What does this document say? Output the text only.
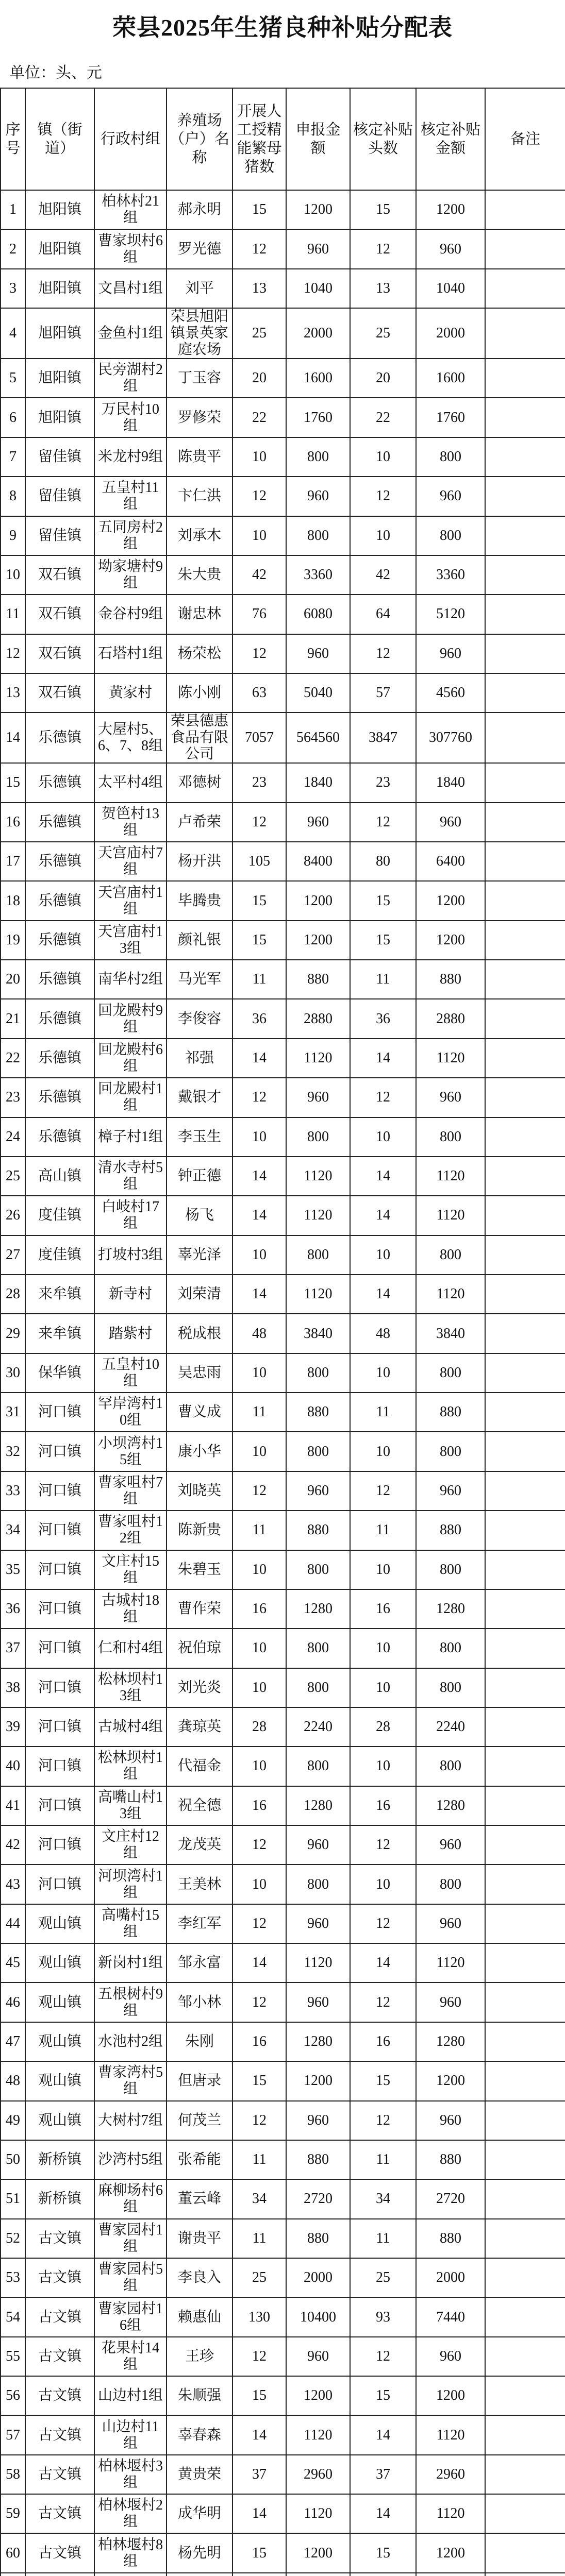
荣县2025年生猪良种补贴分配表
单位：头、元
序号	镇（街道）	行政村组	养殖场（户）名称	开展人工授精能繁母猪数	申报金额	核定补贴头数	核定补贴金额	备注
1	旭阳镇	柏林村21组	郝永明	15	1200	15	1200	
2	旭阳镇	曹家坝村6组	罗光德	12	960	12	960	
3	旭阳镇	文昌村1组	刘平	13	1040	13	1040	
4	旭阳镇	金鱼村1组	荣县旭阳镇景英家庭农场	25	2000	25	2000	
5	旭阳镇	民旁湖村2组	丁玉容	20	1600	20	1600	
6	旭阳镇	万民村10组	罗修荣	22	1760	22	1760	
7	留佳镇	米龙村9组	陈贵平	10	800	10	800	
8	留佳镇	五皇村11组	卞仁洪	12	960	12	960	
9	留佳镇	五同房村2组	刘承木	10	800	10	800	
10	双石镇	坳家塘村9组	朱大贵	42	3360	42	3360	
11	双石镇	金谷村9组	谢忠林	76	6080	64	5120	
12	双石镇	石塔村1组	杨荣松	12	960	12	960	
13	双石镇	黄家村	陈小刚	63	5040	57	4560	
14	乐德镇	大屋村5、6、7、8组	荣县德惠食品有限公司	7057	564560	3847	307760	
15	乐德镇	太平村4组	邓德树	23	1840	23	1840	
16	乐德镇	贺笆村13组	卢希荣	12	960	12	960	
17	乐德镇	天宫庙村7组	杨开洪	105	8400	80	6400	
18	乐德镇	天宫庙村1组	毕腾贵	15	1200	15	1200	
19	乐德镇	天宫庙村13组	颜礼银	15	1200	15	1200	
20	乐德镇	南华村2组	马光军	11	880	11	880	
21	乐德镇	回龙殿村9组	李俊容	36	2880	36	2880	
22	乐德镇	回龙殿村6组	祁强	14	1120	14	1120	
23	乐德镇	回龙殿村1组	戴银才	12	960	12	960	
24	乐德镇	樟子村1组	李玉生	10	800	10	800	
25	高山镇	清水寺村5组	钟正德	14	1120	14	1120	
26	度佳镇	白岐村17组	杨飞	14	1120	14	1120	
27	度佳镇	打坡村3组	辜光泽	10	800	10	800	
28	来牟镇	新寺村	刘荣清	14	1120	14	1120	
29	来牟镇	踏紫村	税成根	48	3840	48	3840	
30	保华镇	五皇村10组	吴忠雨	10	800	10	800	
31	河口镇	罕岸湾村10组	曹义成	11	880	11	880	
32	河口镇	小坝湾村15组	康小华	10	800	10	800	
33	河口镇	曹家咀村7组	刘晓英	12	960	12	960	
34	河口镇	曹家咀村12组	陈新贵	11	880	11	880	
35	河口镇	文庄村15组	朱碧玉	10	800	10	800	
36	河口镇	古城村18组	曹作荣	16	1280	16	1280	
37	河口镇	仁和村4组	祝伯琼	10	800	10	800	
38	河口镇	松林坝村13组	刘光炎	10	800	10	800	
39	河口镇	古城村4组	龚琼英	28	2240	28	2240	
40	河口镇	松林坝村1组	代福金	10	800	10	800	
41	河口镇	高嘴山村13组	祝全德	16	1280	16	1280	
42	河口镇	文庄村12组	龙茂英	12	960	12	960	
43	河口镇	河坝湾村1组	王美林	10	800	10	800	
44	观山镇	高嘴村15组	李红军	12	960	12	960	
45	观山镇	新岗村1组	邹永富	14	1120	14	1120	
46	观山镇	五根树村9组	邹小林	12	960	12	960	
47	观山镇	水池村2组	朱刚	16	1280	16	1280	
48	观山镇	曹家湾村5组	但唐录	15	1200	15	1200	
49	观山镇	大树村7组	何茂兰	12	960	12	960	
50	新桥镇	沙湾村5组	张希能	11	880	11	880	
51	新桥镇	麻柳场村6组	董云峰	34	2720	34	2720	
52	古文镇	曹家园村1组	谢贵平	11	880	11	880	
53	古文镇	曹家园村5组	李良入	25	2000	25	2000	
54	古文镇	曹家园村16组	赖惠仙	130	10400	93	7440	
55	古文镇	花果村14组	王珍	12	960	12	960	
56	古文镇	山边村1组	朱顺强	15	1200	15	1200	
57	古文镇	山边村11组	辜春森	14	1120	14	1120	
58	古文镇	柏林堰村3组	黄贵荣	37	2960	37	2960	
59	古文镇	柏林堰村2组	成华明	14	1120	14	1120	
60	古文镇	柏林堰村8组	杨先明	15	1200	15	1200	
